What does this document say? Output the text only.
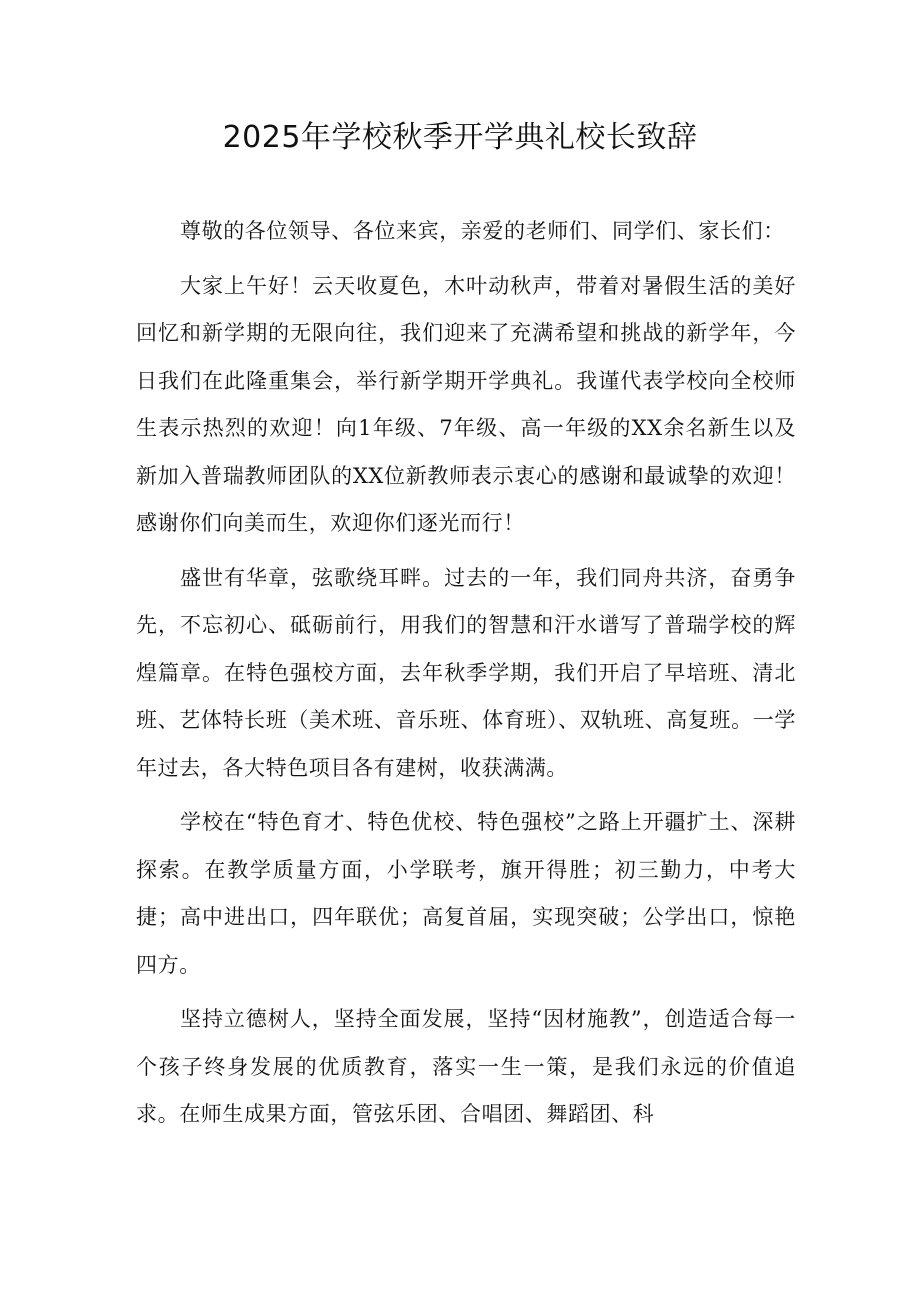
2025年学校秋季开学典礼校长致辞

尊敬的各位领导、各位来宾，亲爱的老师们、同学们、家长们：

大家上午好！云天收夏色，木叶动秋声，带着对暑假生活的美好回忆和新学期的无限向往，我们迎来了充满希望和挑战的新学年，今日我们在此隆重集会，举行新学期开学典礼。我谨代表学校向全校师生表示热烈的欢迎！向1年级、7年级、高一年级的XX余名新生以及新加入普瑞教师团队的XX位新教师表示衷心的感谢和最诚挚的欢迎！感谢你们向美而生，欢迎你们逐光而行！

盛世有华章，弦歌绕耳畔。过去的一年，我们同舟共济，奋勇争先，不忘初心、砥砺前行，用我们的智慧和汗水谱写了普瑞学校的辉煌篇章。在特色强校方面，去年秋季学期，我们开启了早培班、清北班、艺体特长班（美术班、音乐班、体育班）、双轨班、高复班。一学年过去，各大特色项目各有建树，收获满满。

学校在“特色育才、特色优校、特色强校”之路上开疆扩土、深耕探索。在教学质量方面，小学联考，旗开得胜；初三勤力，中考大捷；高中进出口，四年联优；高复首届，实现突破；公学出口，惊艳四方。

坚持立德树人，坚持全面发展，坚持“因材施教”，创造适合每一个孩子终身发展的优质教育，落实一生一策，是我们永远的价值追求。在师生成果方面，管弦乐团、合唱团、舞蹈团、科
